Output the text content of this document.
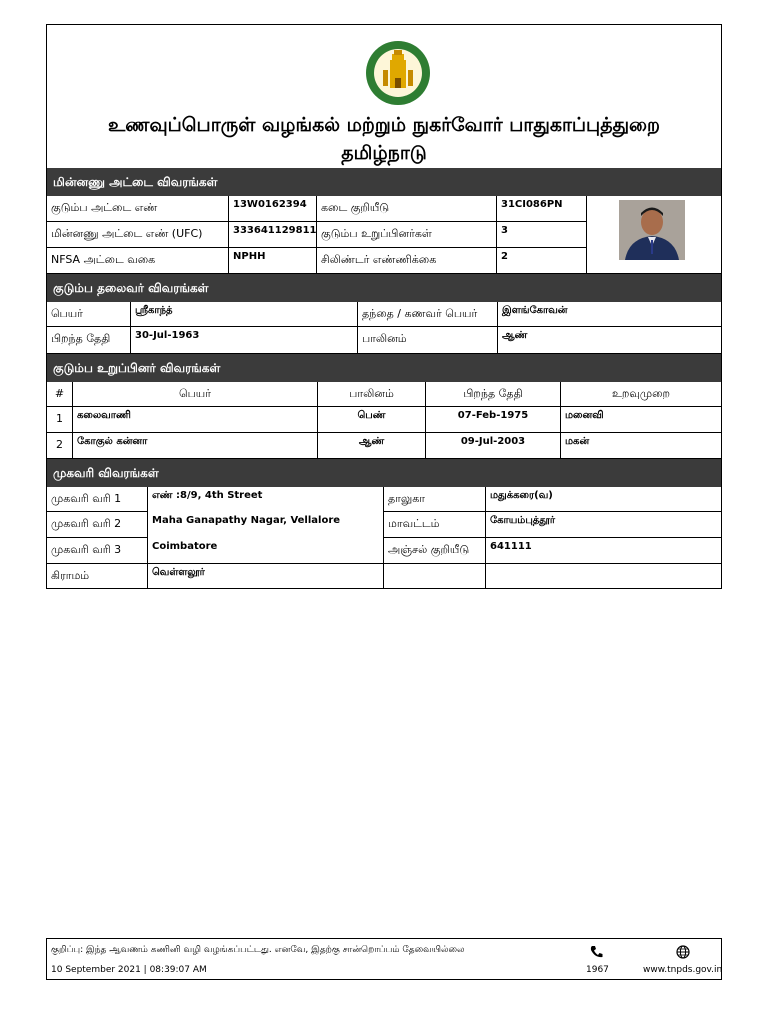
உணவுப்பொருள் வழங்கல் மற்றும் நுகர்வோர் பாதுகாப்புத்துறை
தமிழ்நாடு
மின்னணு அட்டை விவரங்கள்
குடும்ப அட்டை எண்	13W0162394	கடை குறியீடு	31CI086PN
மின்னணு அட்டை எண் (UFC)	333641129811 குடும்ப உறுப்பினர்கள்	3
NFSA அட்டை வகை	NPHH	சிலிண்டர் எண்ணிக்கை	2
குடும்ப தலைவர் விவரங்கள்
பெயர்	ஸ்ரீகாந்த்	தந்தை / கணவர் பெயர்	இளங்கோவன்
பிறந்த தேதி	30-Jul-1963	பாலினம்	ஆண்
குடும்ப உறுப்பினர் விவரங்கள்
#	பெயர்	பாலினம்	பிறந்த தேதி	உறவுமுறை
1	கலைவாணி	பெண்	07-Feb-1975	மனைவி
2	கோகுல் கன்னா	ஆண்	09-Jul-2003	மகன்
முகவரி விவரங்கள்
முகவரி வரி 1	எண் :8/9, 4th Street	தாலுகா	மதுக்கரை(வ)
முகவரி வரி 2	Maha Ganapathy Nagar, Vellalore	மாவட்டம்	கோயம்புத்தூர்
முகவரி வரி 3	Coimbatore	அஞ்சல் குறியீடு	641111
கிராமம்	வெள்ளலூர்
குறிப்பு: இந்த ஆவணம் கணினி வழி வழங்கப்பட்டது. எனவே, இதற்கு சான்றொப்பம் தேவையில்லை
10 September 2021 | 08:39:07 AM	1967	www.tnpds.gov.in
